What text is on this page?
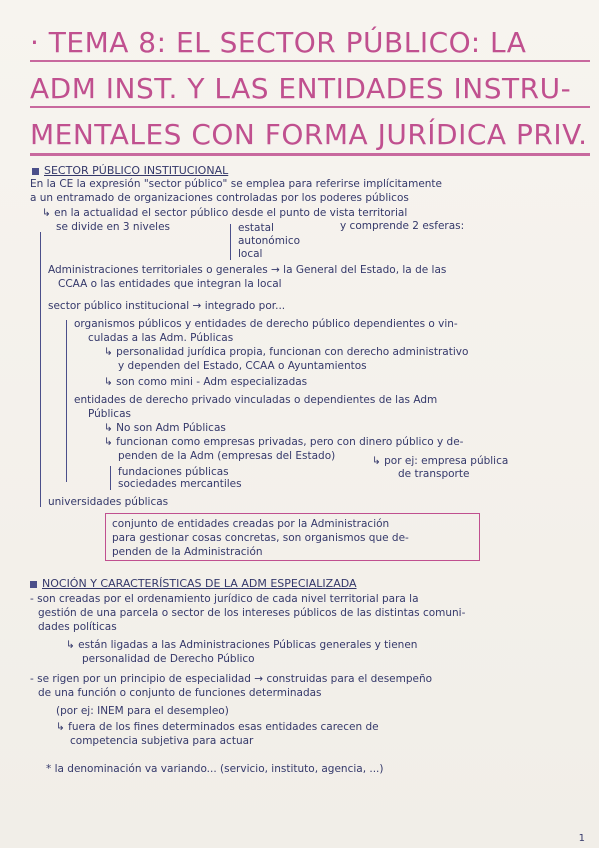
· TEMA 8: EL SECTOR PÚBLICO: LA
ADM INST. Y LAS ENTIDADES INSTRU-
MENTALES CON FORMA JURÍDICA PRIV.
SECTOR PÚBLICO INSTITUCIONAL
En la CE la expresión "sector público" se emplea para referirse implícitamente
a un entramado de organizaciones controladas por los poderes públicos
↳ en la actualidad el sector público desde el punto de vista territorial
se divide en 3 niveles	estatal
autonómico
local
y comprende 2 esferas:
Administraciones territoriales o generales → la General del Estado, la de las
CCAA o las entidades que integran la local
sector público institucional → integrado por...
organismos públicos y entidades de derecho público dependientes o vin-
culadas a las Adm. Públicas
↳ personalidad jurídica propia, funcionan con derecho administrativo
y dependen del Estado, CCAA o Ayuntamientos
↳ son como mini - Adm especializadas
entidades de derecho privado vinculadas o dependientes de las Adm
Públicas
↳ No son Adm Públicas
↳ funcionan como empresas privadas, pero con dinero público y de-
penden de la Adm (empresas del Estado)
fundaciones públicas
sociedades mercantiles
↳ por ej: empresa pública
de transporte
universidades públicas
conjunto de entidades creadas por la Administración
para gestionar cosas concretas, son organismos que de-
penden de la Administración
NOCIÓN Y CARACTERÍSTICAS DE LA ADM ESPECIALIZADA
- son creadas por el ordenamiento jurídico de cada nivel territorial para la
gestión de una parcela o sector de los intereses públicos de las distintas comuni-
dades políticas
↳ están ligadas a las Administraciones Públicas generales y tienen
personalidad de Derecho Público
- se rigen por un principio de especialidad → construidas para el desempeño
de una función o conjunto de funciones determinadas
(por ej: INEM para el desempleo)
↳ fuera de los fines determinados esas entidades carecen de
competencia subjetiva para actuar
* la denominación va variando... (servicio, instituto, agencia, ...)
1
